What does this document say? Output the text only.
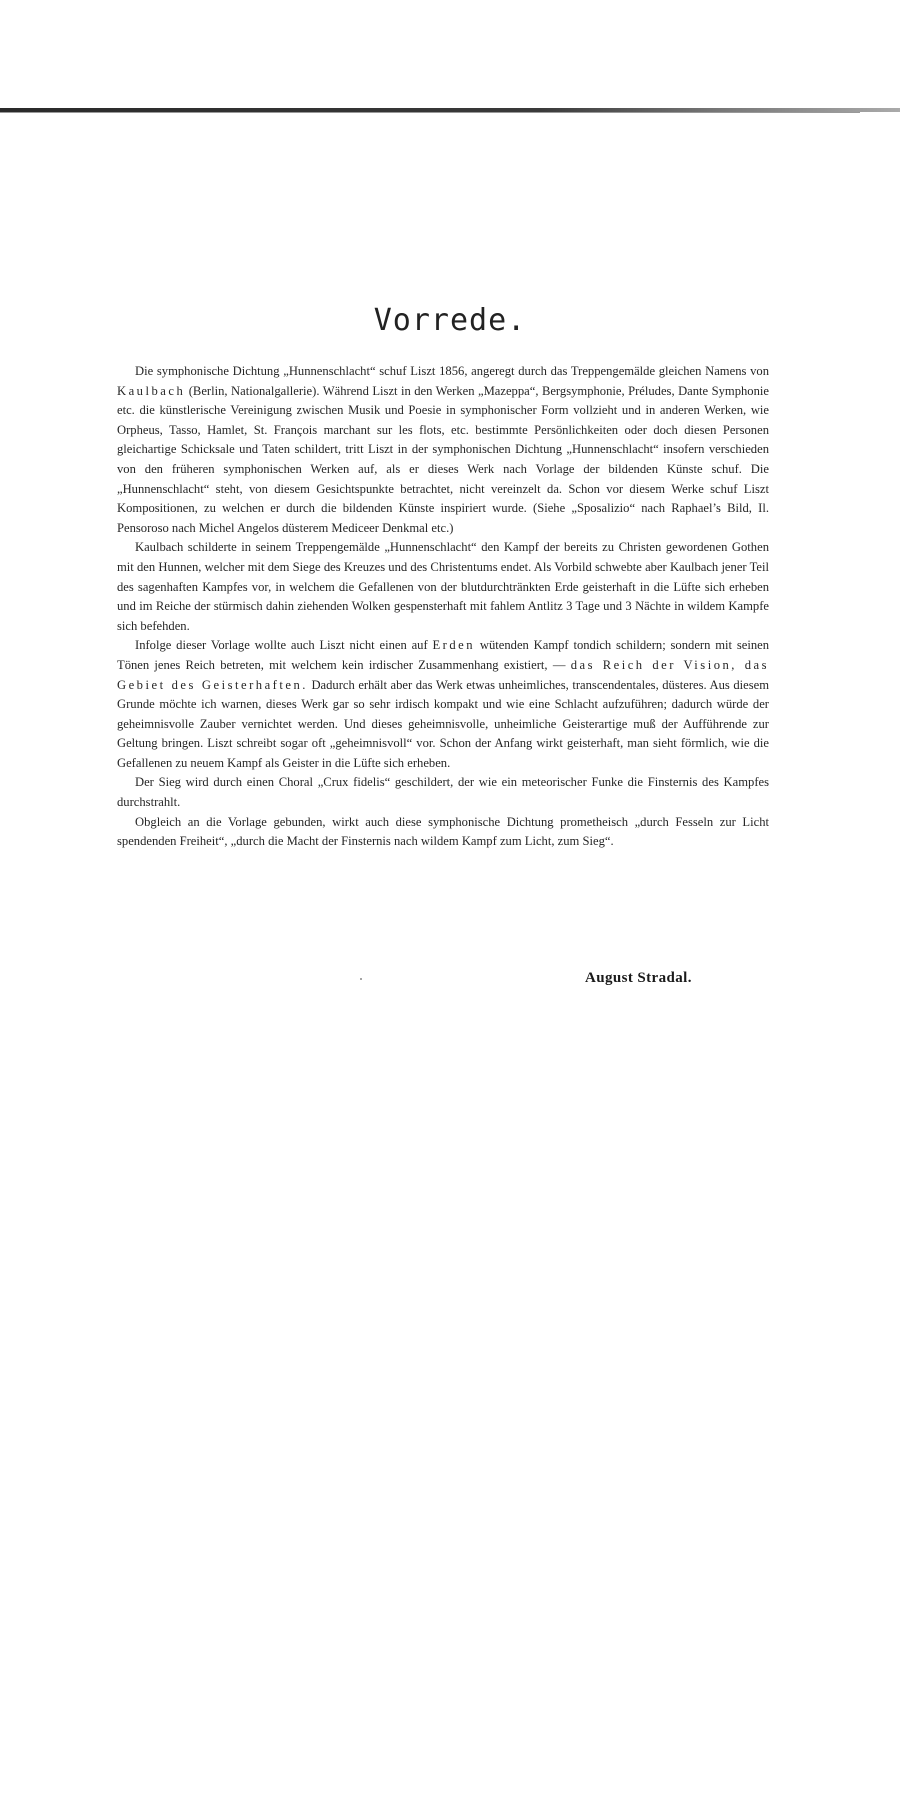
Vorrede.

Die symphonische Dichtung „Hunnenschlacht“ schuf Liszt 1856, angeregt durch das Treppengemälde gleichen Namens von Kaulbach (Berlin, Nationalgallerie). Während Liszt in den Werken „Mazeppa“, Bergsymphonie, Préludes, Dante Symphonie etc. die künstlerische Vereinigung zwischen Musik und Poesie in symphonischer Form vollzieht und in anderen Werken, wie Orpheus, Tasso, Hamlet, St. François marchant sur les flots, etc. bestimmte Persönlichkeiten oder doch diesen Personen gleichartige Schicksale und Taten schildert, tritt Liszt in der symphonischen Dichtung „Hunnenschlacht“ insofern verschieden von den früheren symphonischen Werken auf, als er dieses Werk nach Vorlage der bildenden Künste schuf. Die „Hunnenschlacht“ steht, von diesem Gesichtspunkte betrachtet, nicht vereinzelt da. Schon vor diesem Werke schuf Liszt Kompositionen, zu welchen er durch die bildenden Künste inspiriert wurde. (Siehe „Sposalizio“ nach Raphael’s Bild, Il. Pensoroso nach Michel Angelos düsterem Mediceer Denkmal etc.)

Kaulbach schilderte in seinem Treppengemälde „Hunnenschlacht“ den Kampf der bereits zu Christen gewordenen Gothen mit den Hunnen, welcher mit dem Siege des Kreuzes und des Christentums endet. Als Vorbild schwebte aber Kaulbach jener Teil des sagenhaften Kampfes vor, in welchem die Gefallenen von der blutdurchtränkten Erde geisterhaft in die Lüfte sich erheben und im Reiche der stürmisch dahin ziehenden Wolken gespensterhaft mit fahlem Antlitz 3 Tage und 3 Nächte in wildem Kampfe sich befehden.

Infolge dieser Vorlage wollte auch Liszt nicht einen auf Erden wütenden Kampf tondich schildern; sondern mit seinen Tönen jenes Reich betreten, mit welchem kein irdischer Zusammenhang existiert, — das Reich der Vision, das Gebiet des Geisterhaften. Dadurch erhält aber das Werk etwas unheimliches, transcendentales, düsteres. Aus diesem Grunde möchte ich warnen, dieses Werk gar so sehr irdisch kompakt und wie eine Schlacht aufzuführen; dadurch würde der geheimnisvolle Zauber vernichtet werden. Und dieses geheimnisvolle, unheimliche Geisterartige muß der Aufführende zur Geltung bringen. Liszt schreibt sogar oft „geheimnisvoll“ vor. Schon der Anfang wirkt geisterhaft, man sieht förmlich, wie die Gefallenen zu neuem Kampf als Geister in die Lüfte sich erheben.

Der Sieg wird durch einen Choral „Crux fidelis“ geschildert, der wie ein meteorischer Funke die Finsternis des Kampfes durchstrahlt.

Obgleich an die Vorlage gebunden, wirkt auch diese symphonische Dichtung prometheisch „durch Fesseln zur Licht spendenden Freiheit“, „durch die Macht der Finsternis nach wildem Kampf zum Licht, zum Sieg“.

August Stradal.
